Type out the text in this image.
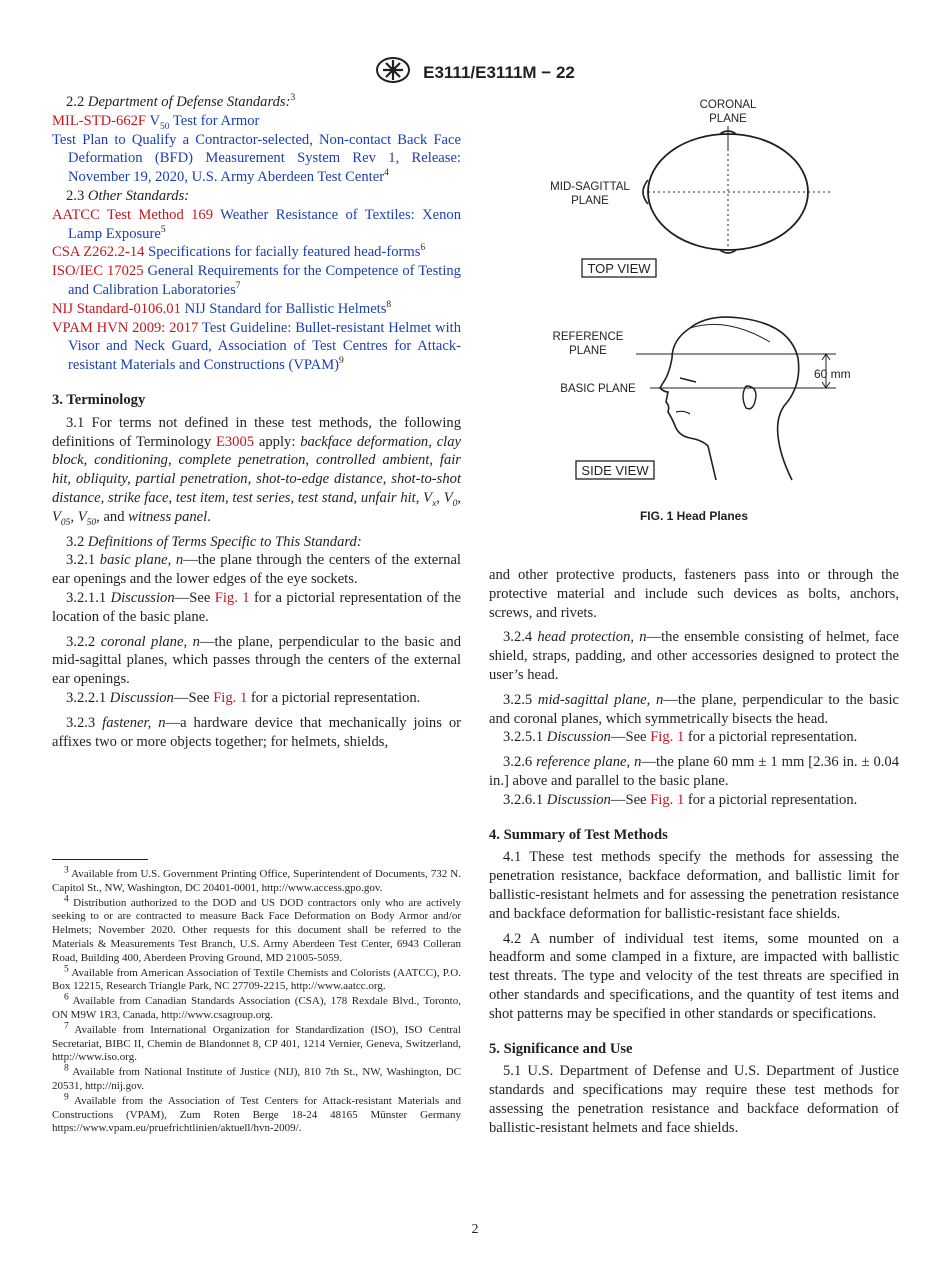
E3111/E3111M − 22

2.2 Department of Defense Standards:$^3$

MIL-STD-662F $V_{50}$ Test for Armor

Test Plan to Qualify a Contractor-selected, Non-contact Back Face Deformation (BFD) Measurement System Rev 1, Release: November 19, 2020, U.S. Army Aberdeen Test Center$^4$

2.3 Other Standards:

AATCC Test Method 169 Weather Resistance of Textiles: Xenon Lamp Exposure$^5$

CSA Z262.2-14 Specifications for facially featured head-forms$^6$

ISO/IEC 17025 General Requirements for the Competence of Testing and Calibration Laboratories$^7$

NIJ Standard-0106.01 NIJ Standard for Ballistic Helmets$^8$

VPAM HVN 2009: 2017 Test Guideline: Bullet-resistant Helmet with Visor and Neck Guard, Association of Test Centres for Attack-resistant Materials and Constructions (VPAM)$^9$

3. Terminology

3.1 For terms not defined in these test methods, the following definitions of Terminology E3005 apply: backface deformation, clay block, conditioning, complete penetration, controlled ambient, fair hit, obliquity, partial penetration, shot-to-edge distance, shot-to-shot distance, strike face, test item, test series, test stand, unfair hit, $V_x$, $V_0$, $V_{05}$, $V_{50}$, and witness panel.

3.2 Definitions of Terms Specific to This Standard:

3.2.1 basic plane, n—the plane through the centers of the external ear openings and the lower edges of the eye sockets.

3.2.1.1 Discussion—See Fig. 1 for a pictorial representation of the location of the basic plane.

3.2.2 coronal plane, n—the plane, perpendicular to the basic and mid-sagittal planes, which passes through the centers of the external ear openings.

3.2.2.1 Discussion—See Fig. 1 for a pictorial representation.

3.2.3 fastener, n—a hardware device that mechanically joins or affixes two or more objects together; for helmets, shields,

3 Available from U.S. Government Printing Office, Superintendent of Documents, 732 N. Capitol St., NW, Washington, DC 20401-0001, http://www.access.gpo.gov.

4 Distribution authorized to the DOD and US DOD contractors only who are actively seeking to or are contracted to measure Back Face Deformation on Body Armor and/or Helmets; November 2020. Other requests for this document shall be referred to the Materials & Measurements Test Branch, U.S. Army Aberdeen Test Center, 6943 Colleran Road, Building 400, Aberdeen Proving Ground, MD 21005-5059.

5 Available from American Association of Textile Chemists and Colorists (AATCC), P.O. Box 12215, Research Triangle Park, NC 27709-2215, http://www.aatcc.org.

6 Available from Canadian Standards Association (CSA), 178 Rexdale Blvd., Toronto, ON M9W 1R3, Canada, http://www.csagroup.org.

7 Available from International Organization for Standardization (ISO), ISO Central Secretariat, BIBC II, Chemin de Blandonnet 8, CP 401, 1214 Vernier, Geneva, Switzerland, http://www.iso.org.

8 Available from National Institute of Justice (NIJ), 810 7th St., NW, Washington, DC 20531, http://nij.gov.

9 Available from the Association of Test Centers for Attack-resistant Materials and Constructions (VPAM), Zum Roten Berge 18-24 48165 Münster Germany https://www.vpam.eu/pruefrichtlinien/aktuell/hvn-2009/.

CORONAL
PLANE
MID-SAGITTAL
PLANE
TOP VIEW
REFERENCE
PLANE
BASIC PLANE
60 mm
SIDE VIEW
FIG. 1 Head Planes

and other protective products, fasteners pass into or through the protective material and include such devices as bolts, anchors, screws, and rivets.

3.2.4 head protection, n—the ensemble consisting of helmet, face shield, straps, padding, and other accessories designed to protect the user’s head.

3.2.5 mid-sagittal plane, n—the plane, perpendicular to the basic and coronal planes, which symmetrically bisects the head.

3.2.5.1 Discussion—See Fig. 1 for a pictorial representation.

3.2.6 reference plane, n—the plane 60 mm ± 1 mm [2.36 in. ± 0.04 in.] above and parallel to the basic plane.

3.2.6.1 Discussion—See Fig. 1 for a pictorial representation.

4. Summary of Test Methods

4.1 These test methods specify the methods for assessing the penetration resistance, backface deformation, and ballistic limit for ballistic-resistant helmets and for assessing the penetration resistance and backface deformation for ballistic-resistant face shields.

4.2 A number of individual test items, some mounted on a headform and some clamped in a fixture, are impacted with ballistic test threats. The type and velocity of the test threats are specified in other standards and specifications, and the quantity of test items and shot patterns may be specified in other standards or specifications.

5. Significance and Use

5.1 U.S. Department of Defense and U.S. Department of Justice standards and specifications may require these test methods for assessing the penetration resistance and backface deformation of ballistic-resistant helmets and face shields.

2
